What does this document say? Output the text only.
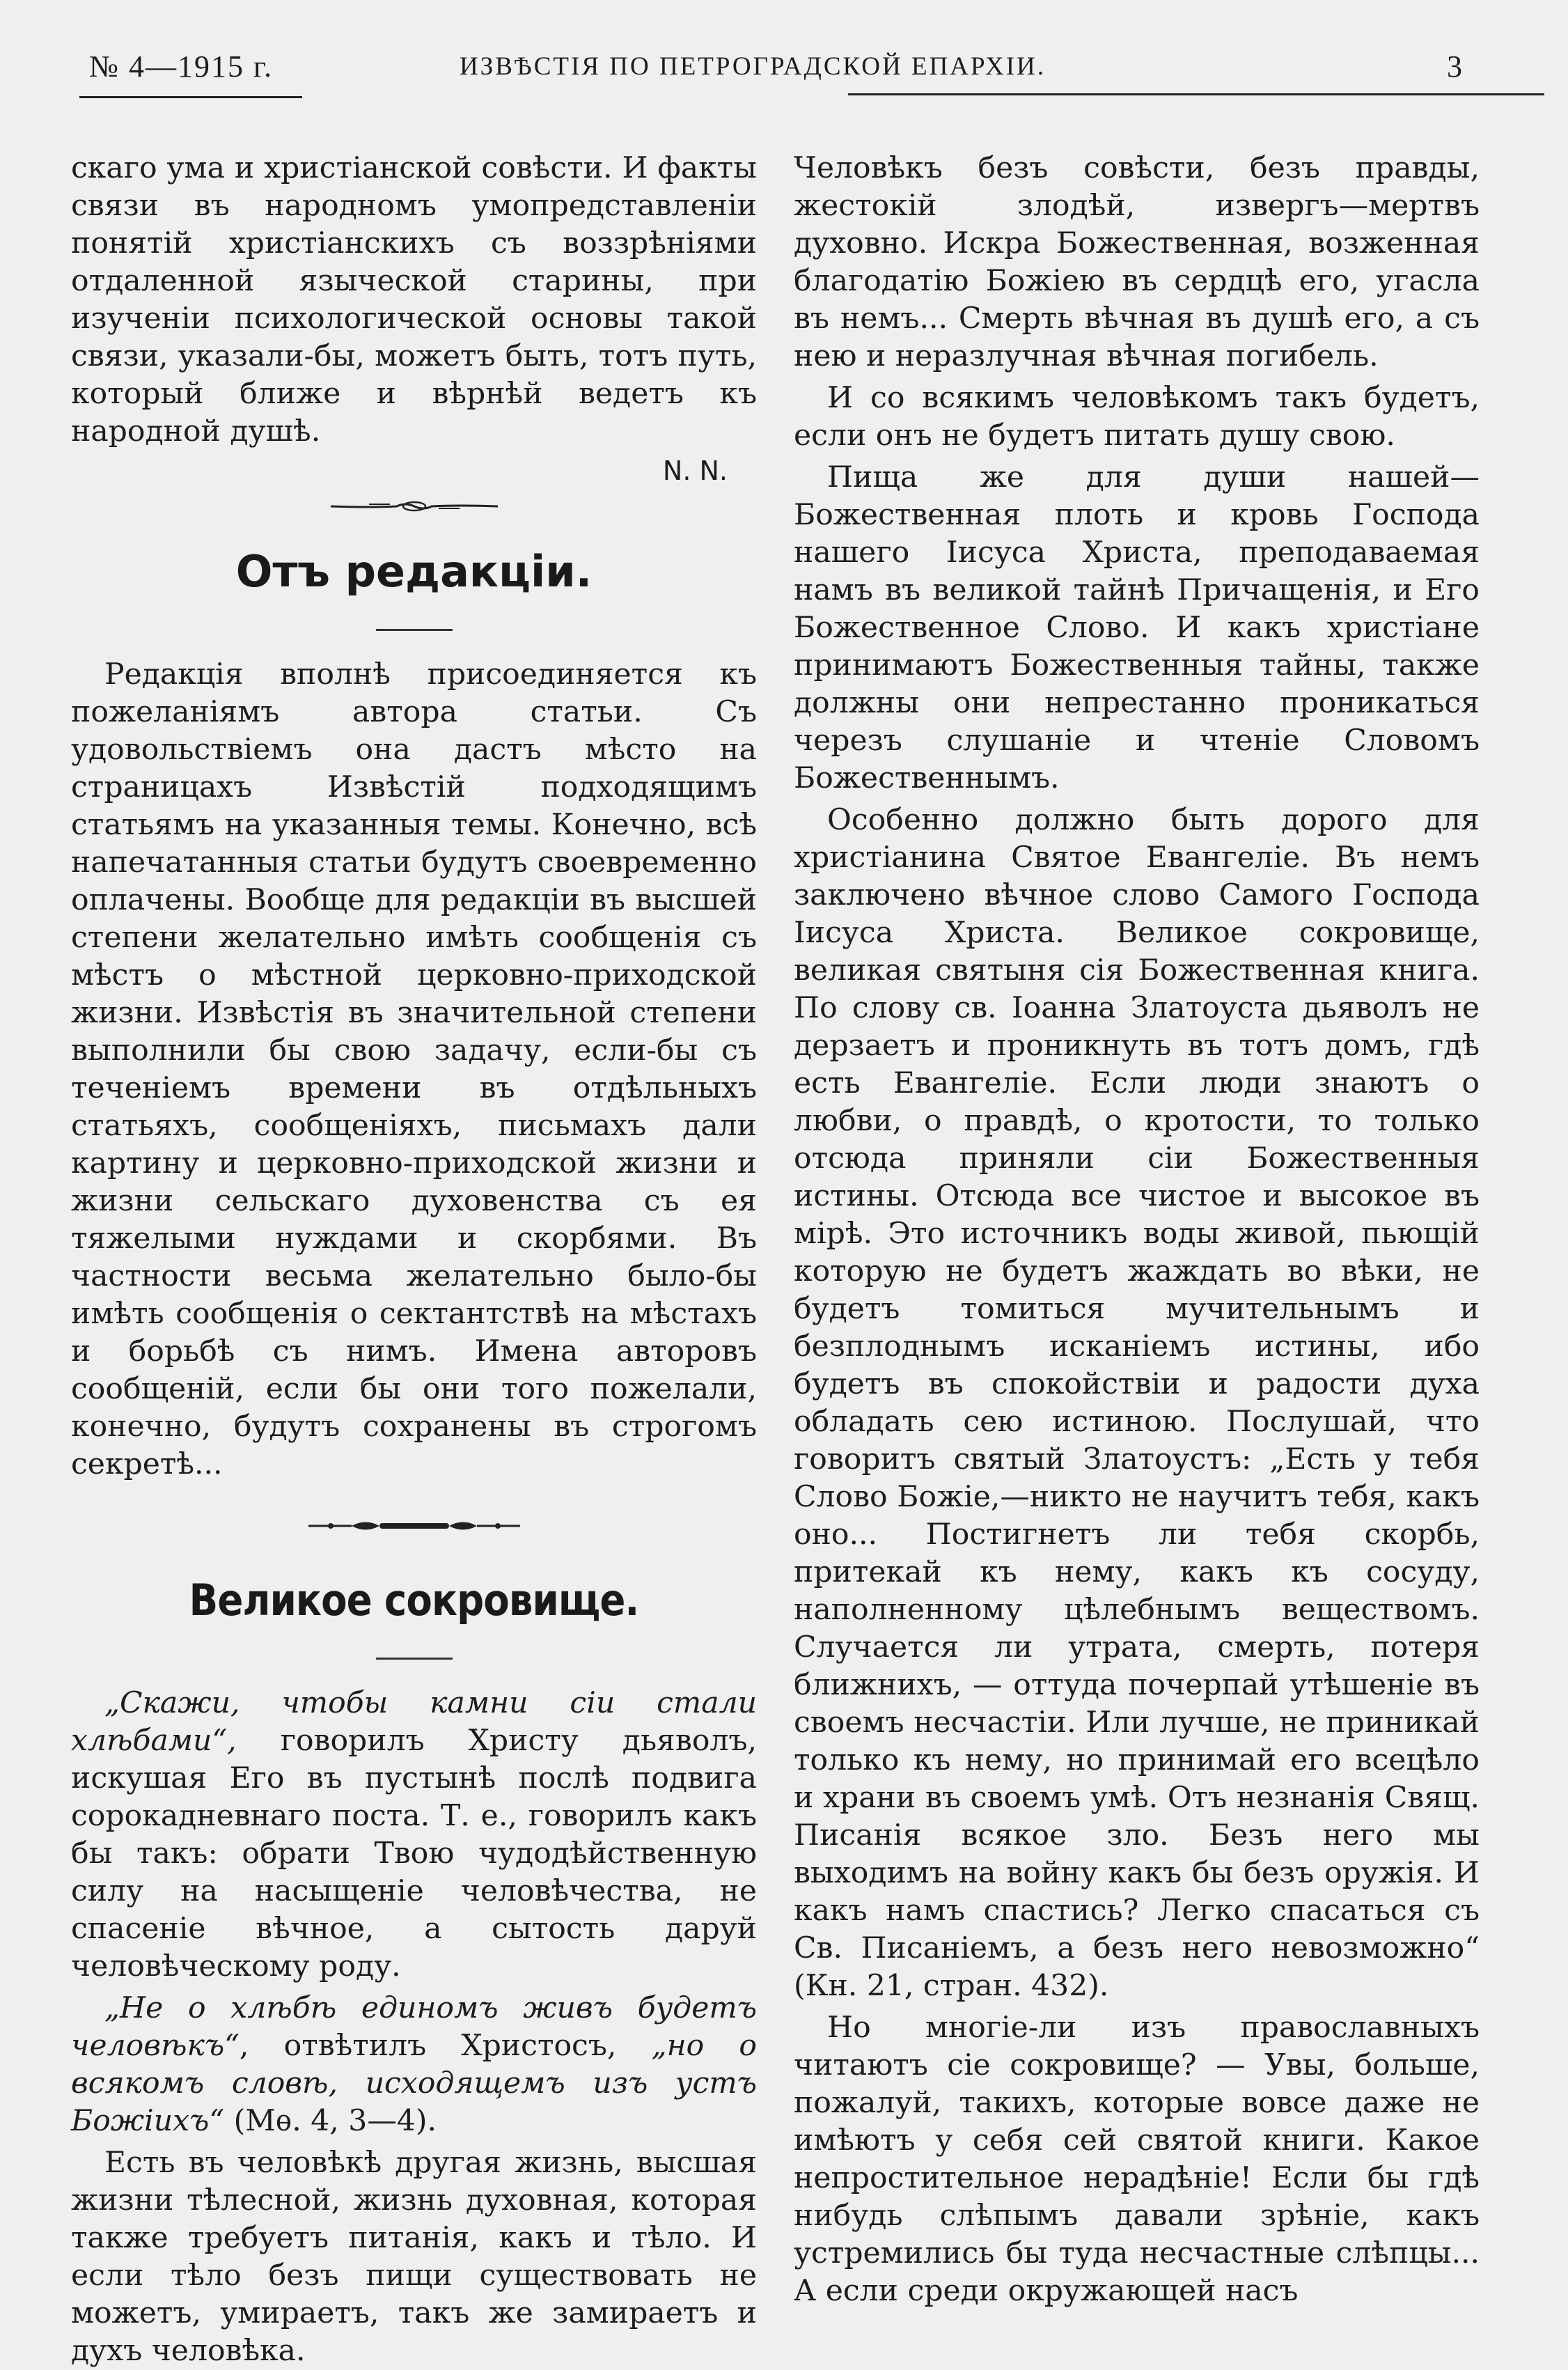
№ 4—1915 г.	ИЗВѢСТІЯ ПО ПЕТРОГРАДСКОЙ ЕПАРХІИ.	3

скаго ума и христіанской совѣсти. И факты связи въ народномъ умопредставленіи понятій христіанскихъ съ воззрѣніями отдаленной языческой старины, при изученіи психологической основы такой связи, указали-бы, можетъ быть, тотъ путь, который ближе и вѣрнѣй ведетъ къ народной душѣ.

N. N.
Отъ редакціи.

Редакція вполнѣ присоединяется къ пожеланіямъ автора статьи. Съ удовольствіемъ она дастъ мѣсто на страницахъ Извѣстій подходящимъ статьямъ на указанныя темы. Конечно, всѣ напечатанныя статьи будутъ своевременно оплачены. Вообще для редакціи въ высшей степени желательно имѣть сообщенія съ мѣстъ о мѣстной церковно-приходской жизни. Извѣстія въ значительной степени выполнили бы свою задачу, если-бы съ теченіемъ времени въ отдѣльныхъ статьяхъ, сообщеніяхъ, письмахъ дали картину и церковно-приходской жизни и жизни сельскаго духовенства съ ея тяжелыми нуждами и скорбями. Въ частности весьма желательно было-бы имѣть сообщенія о сектантствѣ на мѣстахъ и борьбѣ съ нимъ. Имена авторовъ сообщеній, если бы они того пожелали, конечно, будутъ сохранены въ строгомъ секретѣ...

Великое сокровище.

„Скажи, чтобы камни сіи стали хлѣбами“, говорилъ Христу дьяволъ, искушая Его въ пустынѣ послѣ подвига сорокадневнаго поста. Т. е., говорилъ какъ бы такъ: обрати Твою чудодѣйственную силу на насыщеніе человѣчества, не спасеніе вѣчное, а сытость даруй человѣческому роду.

„Не о хлѣбѣ единомъ живъ будетъ человѣкъ“, отвѣтилъ Христосъ, „но о всякомъ словѣ, исходящемъ изъ устъ Божіихъ“ (Мѳ. 4, 3—4).

Есть въ человѣкѣ другая жизнь, высшая жизни тѣлесной, жизнь духовная, которая также требуетъ питанія, какъ и тѣло. И если тѣло безъ пищи существовать не можетъ, умираетъ, такъ же замираетъ и духъ человѣка.

Человѣкъ безъ совѣсти, безъ правды, жестокій злодѣй, извергъ—мертвъ духовно. Искра Божественная, возженная благодатію Божіею въ сердцѣ его, угасла въ немъ... Смерть вѣчная въ душѣ его, а съ нею и неразлучная вѣчная погибель.

И со всякимъ человѣкомъ такъ будетъ, если онъ не будетъ питать душу свою.

Пища же для души нашей—Божественная плоть и кровь Господа нашего Іисуса Христа, преподаваемая намъ въ великой тайнѣ Причащенія, и Его Божественное Слово. И какъ христіане принимаютъ Божественныя тайны, также должны они непрестанно проникаться черезъ слушаніе и чтеніе Словомъ Божественнымъ.

Особенно должно быть дорого для христіанина Святое Евангеліе. Въ немъ заключено вѣчное слово Самого Господа Іисуса Христа. Великое сокровище, великая святыня сія Божественная книга. По слову св. Іоанна Златоуста дьяволъ не дерзаетъ и проникнуть въ тотъ домъ, гдѣ есть Евангеліе. Если люди знаютъ о любви, о правдѣ, о кротости, то только отсюда приняли сіи Божественныя истины. Отсюда все чистое и высокое въ мірѣ. Это источникъ воды живой, пьющій которую не будетъ жаждать во вѣки, не будетъ томиться мучительнымъ и безплоднымъ исканіемъ истины, ибо будетъ въ спокойствіи и радости духа обладать сею истиною. Послушай, что говоритъ святый Златоустъ: „Есть у тебя Слово Божіе,—никто не научитъ тебя, какъ оно... Постигнетъ ли тебя скорбь, притекай къ нему, какъ къ сосуду, наполненному цѣлебнымъ веществомъ. Случается ли утрата, смерть, потеря ближнихъ, — оттуда почерпай утѣшеніе въ своемъ несчастіи. Или лучше, не приникай только къ нему, но принимай его всецѣло и храни въ своемъ умѣ. Отъ незнанія Свящ. Писанія всякое зло. Безъ него мы выходимъ на войну какъ бы безъ оружія. И какъ намъ спастись? Легко спасаться съ Св. Писаніемъ, а безъ него невозможно“ (Кн. 21, стран. 432).

Но многіе-ли изъ православныхъ читаютъ сіе сокровище? — Увы, больше, пожалуй, такихъ, которые вовсе даже не имѣютъ у себя сей святой книги. Какое непростительное нерадѣніе! Если бы гдѣ нибудь слѣпымъ давали зрѣніе, какъ устремились бы туда несчастные слѣпцы... А если среди окружающей насъ
